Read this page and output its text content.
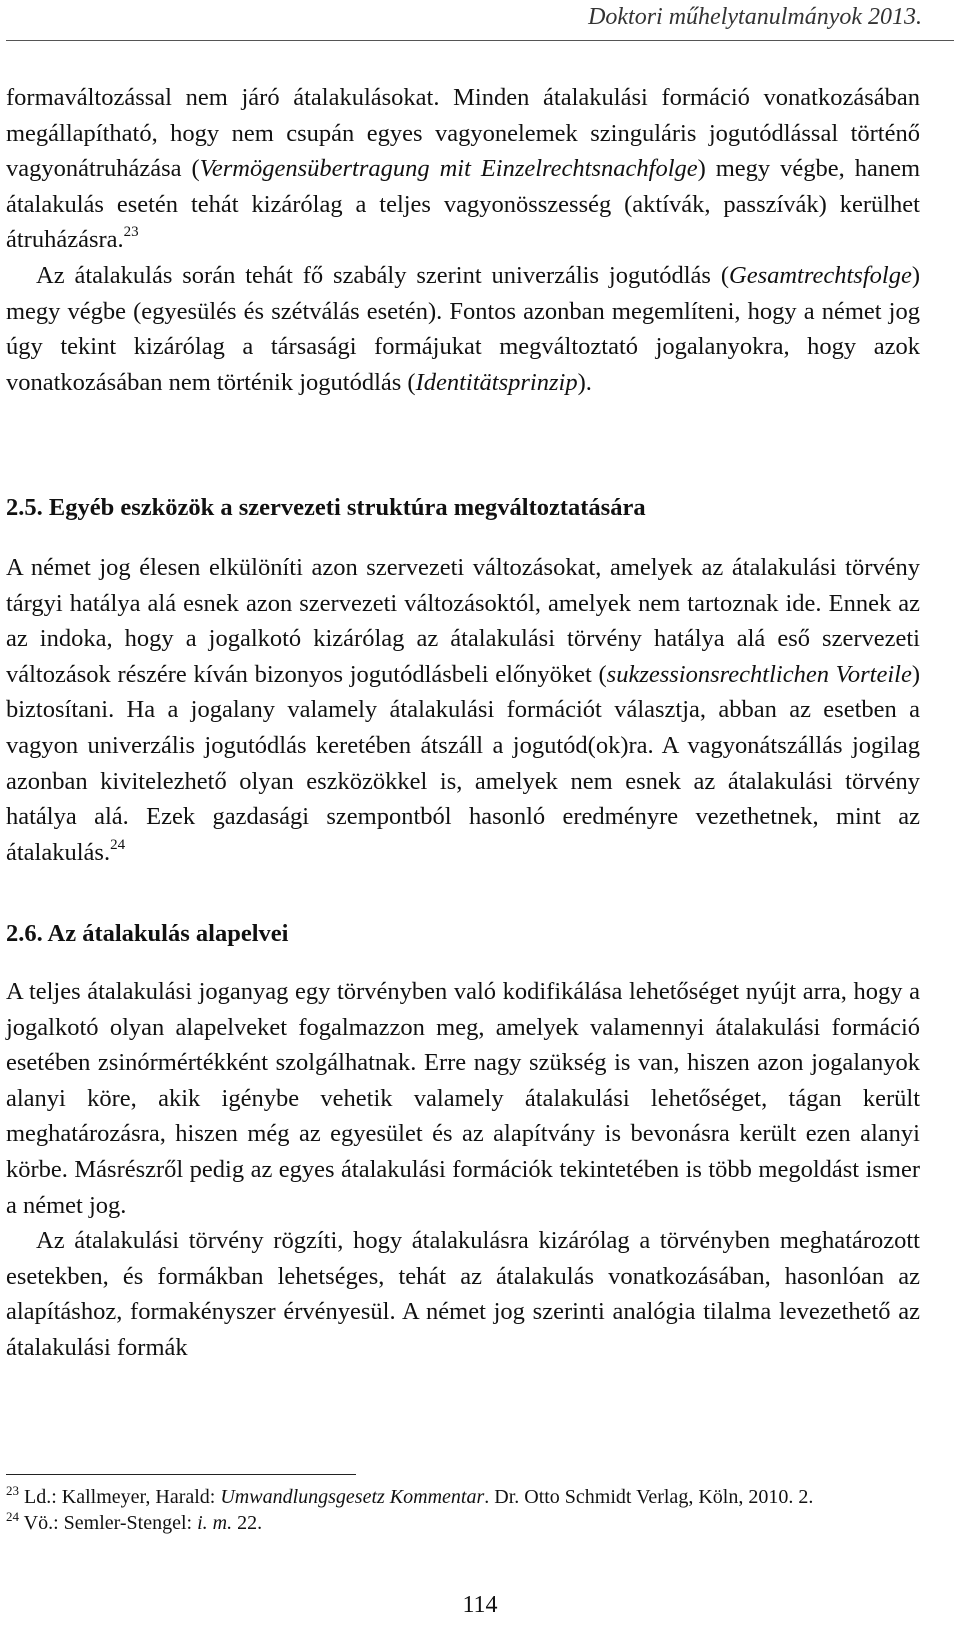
Doktori műhelytanulmányok 2013.

formaváltozással nem járó átalakulásokat. Minden átalakulási formáció vonatkozásában megállapítható, hogy nem csupán egyes vagyonelemek szinguláris jogutódlással történő vagyonátruházása (Vermögensübertragung mit Einzelrechtsnachfolge) megy végbe, hanem átalakulás esetén tehát kizárólag a teljes vagyonösszesség (aktívák, passzívák) kerülhet átruházásra.$^{23}$

Az átalakulás során tehát fő szabály szerint univerzális jogutódlás (Gesamtrechtsfolge) megy végbe (egyesülés és szétválás esetén). Fontos azonban megemlíteni, hogy a német jog úgy tekint kizárólag a társasági formájukat megváltoztató jogalanyokra, hogy azok vonatkozásában nem történik jogutódlás (Identitätsprinzip).

2.5. Egyéb eszközök a szervezeti struktúra megváltoztatására

A német jog élesen elkülöníti azon szervezeti változásokat, amelyek az átalakulási törvény tárgyi hatálya alá esnek azon szervezeti változásoktól, amelyek nem tartoznak ide. Ennek az az indoka, hogy a jogalkotó kizárólag az átalakulási törvény hatálya alá eső szervezeti változások részére kíván bizonyos jogutódlásbeli előnyöket (sukzessionsrechtlichen Vorteile) biztosítani. Ha a jogalany valamely átalakulási formációt választja, abban az esetben a vagyon univerzális jogutódlás keretében átszáll a jogutód(ok)ra. A vagyonátszállás jogilag azonban kivitelezhető olyan eszközökkel is, amelyek nem esnek az átalakulási törvény hatálya alá. Ezek gazdasági szempontból hasonló eredményre vezethetnek, mint az átalakulás.$^{24}$

2.6. Az átalakulás alapelvei

A teljes átalakulási joganyag egy törvényben való kodifikálása lehetőséget nyújt arra, hogy a jogalkotó olyan alapelveket fogalmazzon meg, amelyek valamennyi átalakulási formáció esetében zsinórmértékként szolgálhatnak. Erre nagy szükség is van, hiszen azon jogalanyok alanyi köre, akik igénybe vehetik valamely átalakulási lehetőséget, tágan került meghatározásra, hiszen még az egyesület és az alapítvány is bevonásra került ezen alanyi körbe. Másrészről pedig az egyes átalakulási formációk tekintetében is több megoldást ismer a német jog.

Az átalakulási törvény rögzíti, hogy átalakulásra kizárólag a törvényben meghatározott esetekben, és formákban lehetséges, tehát az átalakulás vonatkozásában, hasonlóan az alapításhoz, formakényszer érvényesül. A német jog szerinti analógia tilalma levezethető az átalakulási formák

$^{23}$ Ld.: Kallmeyer, Harald: Umwandlungsgesetz Kommentar. Dr. Otto Schmidt Verlag, Köln, 2010. 2.
$^{24}$ Vö.: Semler-Stengel: i. m. 22.
114
